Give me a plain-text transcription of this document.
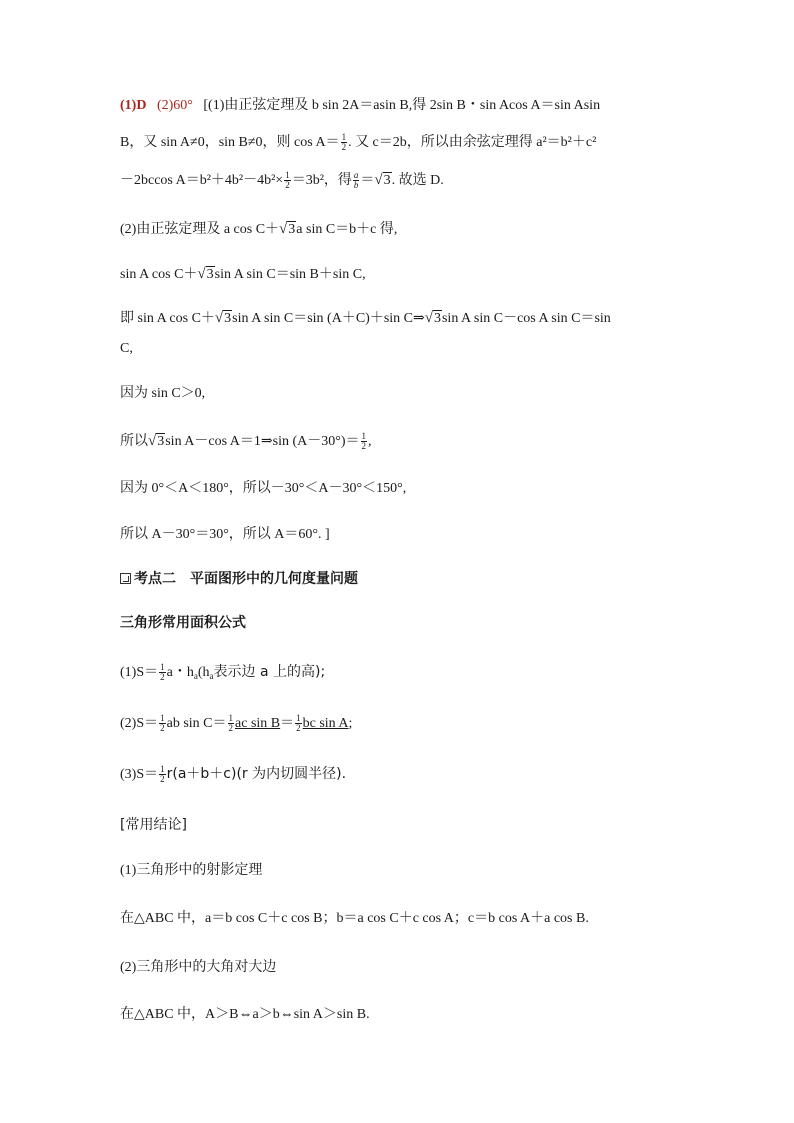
(1)D (2)60° [(1)由正弦定理及 b sin 2A＝asin B,得 2sin B・sin Acos A＝sin Asin
B，又 sin A≠0，sin B≠0，则 $\cos A= \frac{1}{2}$ . 又 c＝2b，所以由余弦定理得 a²＝b²＋c²
－2bccos $A=b^2+4b^2-4b^2\times \frac{1}{2} =3b^2$，得 $\frac{a}{b} =√3$. 故选 D.
(2)由正弦定理及 a cos C＋√3a sin C＝b＋c 得,
sin A cos C＋√3sin A sin C＝sin B＋sin C,
即 sin A cos C＋√3sin A sin C＝sin (A＋C)＋sin C⇒√3sin A sin C－cos A sin C＝sin
C,
因为 sin C＞0,
所以√3sin A－cos A＝1⇒sin $(A-30^\circ)= \frac{1}{2}$ ,
因为 0°＜A＜180°，所以－30°＜A－30°＜150°,
所以 A－30°＝30°，所以 A＝60°. ]
考点二　平面图形中的几何度量问题
三角形常用面积公式
$(1)S= \frac{1}{2}$ a・$h_a(h_a$表示边 a 上的高);
$(2)S= \frac{1}{2}$ ab $\sin C= \frac{1}{2}$ ac $\sin B= \frac{1}{2}$ bc sin A;
$(3)S= \frac{1}{2} r(a+b+c)(r$ 为内切圆半径).
[常用结论]
(1)三角形中的射影定理
在△ABC 中，a＝b cos C＋c cos B；b＝a cos C＋c cos A；c＝b cos A＋a cos B.
(2)三角形中的大角对大边
在△ABC 中，A＞B⇔a＞b⇔sin A＞sin B.
